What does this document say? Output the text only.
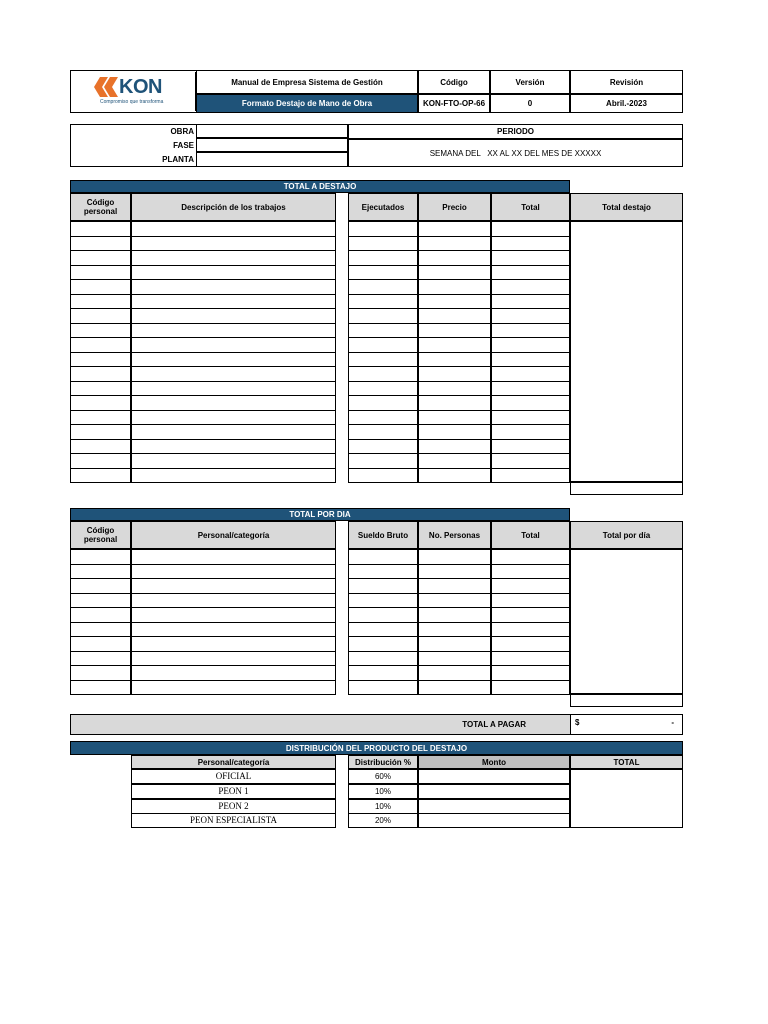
KON
Compromiso que transforma
Manual de Empresa Sistema de Gestión
Formato Destajo de Mano de Obra
Código	Versión	Revisión
KON-FTO-OP-66	0	Abril.-2023
OBRA
FASE
PLANTA
PERIODO
SEMANA DEL   XX AL XX DEL MES DE XXXXX
TOTAL A DESTAJO
Código personal	Descripción de los trabajos	Ejecutados	Precio	Total	Total destajo
TOTAL POR DIA
Código personal	Personal/categoría	Sueldo Bruto	No. Personas	Total	Total por día
TOTAL A PAGAR	$	-
DISTRIBUCIÓN DEL PRODUCTO DEL DESTAJO
Personal/categoría	Distribución %	Monto	TOTAL
OFICIAL	60%
PEON 1	10%
PEON 2	10%
PEON ESPECIALISTA	20%
